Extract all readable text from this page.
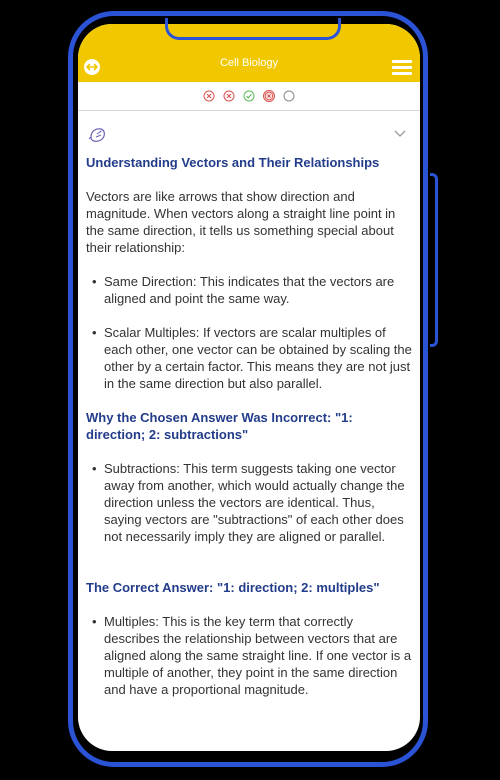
Cell Biology
Understanding Vectors and Their Relationships

Vectors are like arrows that show direction and magnitude. When vectors along a straight line point in the same direction, it tells us something special about their relationship:

• Same Direction: This indicates that the vectors are aligned and point the same way.
• Scalar Multiples: If vectors are scalar multiples of each other, one vector can be obtained by scaling the other by a certain factor. This means they are not just in the same direction but also parallel.
Why the Chosen Answer Was Incorrect: "1: direction; 2: subtractions"
• Subtractions: This term suggests taking one vector away from another, which would actually change the direction unless the vectors are identical. Thus, saying vectors are "subtractions" of each other does not necessarily imply they are aligned or parallel.
The Correct Answer: "1: direction; 2: multiples"
• Multiples: This is the key term that correctly describes the relationship between vectors that are aligned along the same straight line. If one vector is a multiple of another, they point in the same direction and have a proportional magnitude.
